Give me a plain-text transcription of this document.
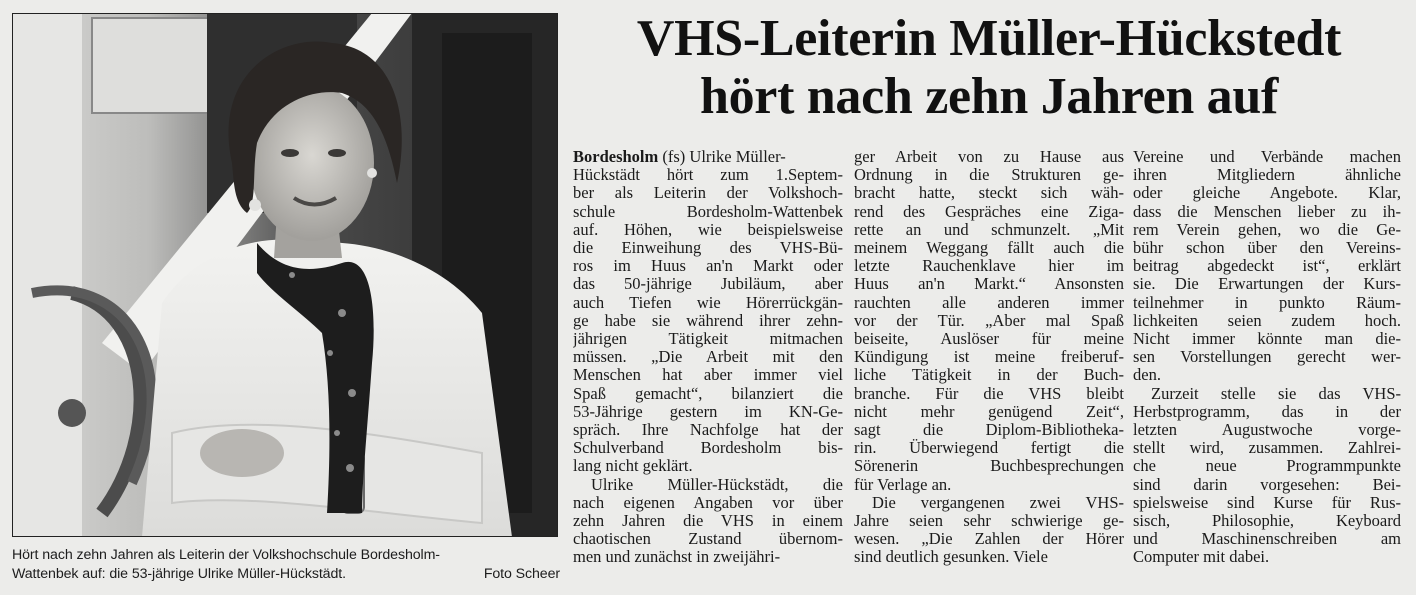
Hört nach zehn Jahren als Leiterin der Volkshochschule Bordesholm-
Wattenbek auf: die 53-jährige Ulrike Müller-Hückstädt.	Foto Scheer
VHS-Leiterin Müller-Hückstedt
hört nach zehn Jahren auf
Bordesholm (fs) Ulrike Müller-
Hückstädt hört zum 1.Septem-
ber als Leiterin der Volkshoch-
schule Bordesholm-Wattenbek
auf. Höhen, wie beispielsweise
die Einweihung des VHS-Bü-
ros im Huus an'n Markt oder
das 50-jährige Jubiläum, aber
auch Tiefen wie Hörerrückgän-
ge habe sie während ihrer zehn-
jährigen Tätigkeit mitmachen
müssen. „Die Arbeit mit den
Menschen hat aber immer viel
Spaß gemacht“, bilanziert die
53-Jährige gestern im KN-Ge-
spräch. Ihre Nachfolge hat der
Schulverband Bordesholm bis-
lang nicht geklärt.
Ulrike Müller-Hückstädt, die
nach eigenen Angaben vor über
zehn Jahren die VHS in einem
chaotischen Zustand übernom-
men und zunächst in zweijähri-
ger Arbeit von zu Hause aus
Ordnung in die Strukturen ge-
bracht hatte, steckt sich wäh-
rend des Gespräches eine Ziga-
rette an und schmunzelt. „Mit
meinem Weggang fällt auch die
letzte Rauchenklave hier im
Huus an'n Markt.“ Ansonsten
rauchten alle anderen immer
vor der Tür. „Aber mal Spaß
beiseite, Auslöser für meine
Kündigung ist meine freiberuf-
liche Tätigkeit in der Buch-
branche. Für die VHS bleibt
nicht mehr genügend Zeit“,
sagt die Diplom-Bibliotheka-
rin. Überwiegend fertigt die
Sörenerin Buchbesprechungen
für Verlage an.
Die vergangenen zwei VHS-
Jahre seien sehr schwierige ge-
wesen. „Die Zahlen der Hörer
sind deutlich gesunken. Viele
Vereine und Verbände machen
ihren Mitgliedern ähnliche
oder gleiche Angebote. Klar,
dass die Menschen lieber zu ih-
rem Verein gehen, wo die Ge-
bühr schon über den Vereins-
beitrag abgedeckt ist“, erklärt
sie. Die Erwartungen der Kurs-
teilnehmer in punkto Räum-
lichkeiten seien zudem hoch.
Nicht immer könnte man die-
sen Vorstellungen gerecht wer-
den.
Zurzeit stelle sie das VHS-
Herbstprogramm, das in der
letzten Augustwoche vorge-
stellt wird, zusammen. Zahlrei-
che neue Programmpunkte
sind darin vorgesehen: Bei-
spielsweise sind Kurse für Rus-
sisch, Philosophie, Keyboard
und Maschinenschreiben am
Computer mit dabei.
